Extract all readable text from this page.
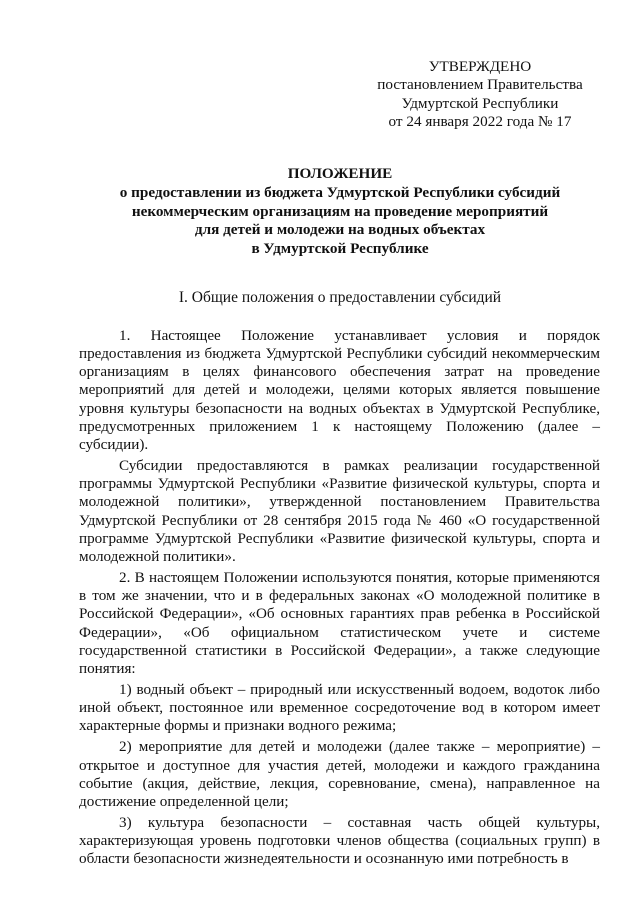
УТВЕРЖДЕНО
постановлением Правительства
Удмуртской Республики
от 24 января 2022 года № 17
ПОЛОЖЕНИЕ
о предоставлении из бюджета Удмуртской Республики субсидий
некоммерческим организациям на проведение мероприятий
для детей и молодежи на водных объектах
в Удмуртской Республике
I. Общие положения о предоставлении субсидий

1. Настоящее Положение устанавливает условия и порядок предоставления из бюджета Удмуртской Республики субсидий некоммерческим организациям в целях финансового обеспечения затрат на проведение мероприятий для детей и молодежи, целями которых является повышение уровня культуры безопасности на водных объектах в Удмуртской Республике, предусмотренных приложением 1 к настоящему Положению (далее – субсидии).

Субсидии предоставляются в рамках реализации государственной программы Удмуртской Республики «Развитие физической культуры, спорта и молодежной политики», утвержденной постановлением Правительства Удмуртской Республики от 28 сентября 2015 года № 460 «О государственной программе Удмуртской Республики «Развитие физической культуры, спорта и молодежной политики».

2. В настоящем Положении используются понятия, которые применяются в том же значении, что и в федеральных законах «О молодежной политике в Российской Федерации», «Об основных гарантиях прав ребенка в Российской Федерации», «Об официальном статистическом учете и системе государственной статистики в Российской Федерации», а также следующие понятия:

1) водный объект – природный или искусственный водоем, водоток либо иной объект, постоянное или временное сосредоточение вод в котором имеет характерные формы и признаки водного режима;

2) мероприятие для детей и молодежи (далее также – мероприятие) – открытое и доступное для участия детей, молодежи и каждого гражданина событие (акция, действие, лекция, соревнование, смена), направленное на достижение определенной цели;

3) культура безопасности – составная часть общей культуры, характеризующая уровень подготовки членов общества (социальных групп) в области безопасности жизнедеятельности и осознанную ими потребность в
